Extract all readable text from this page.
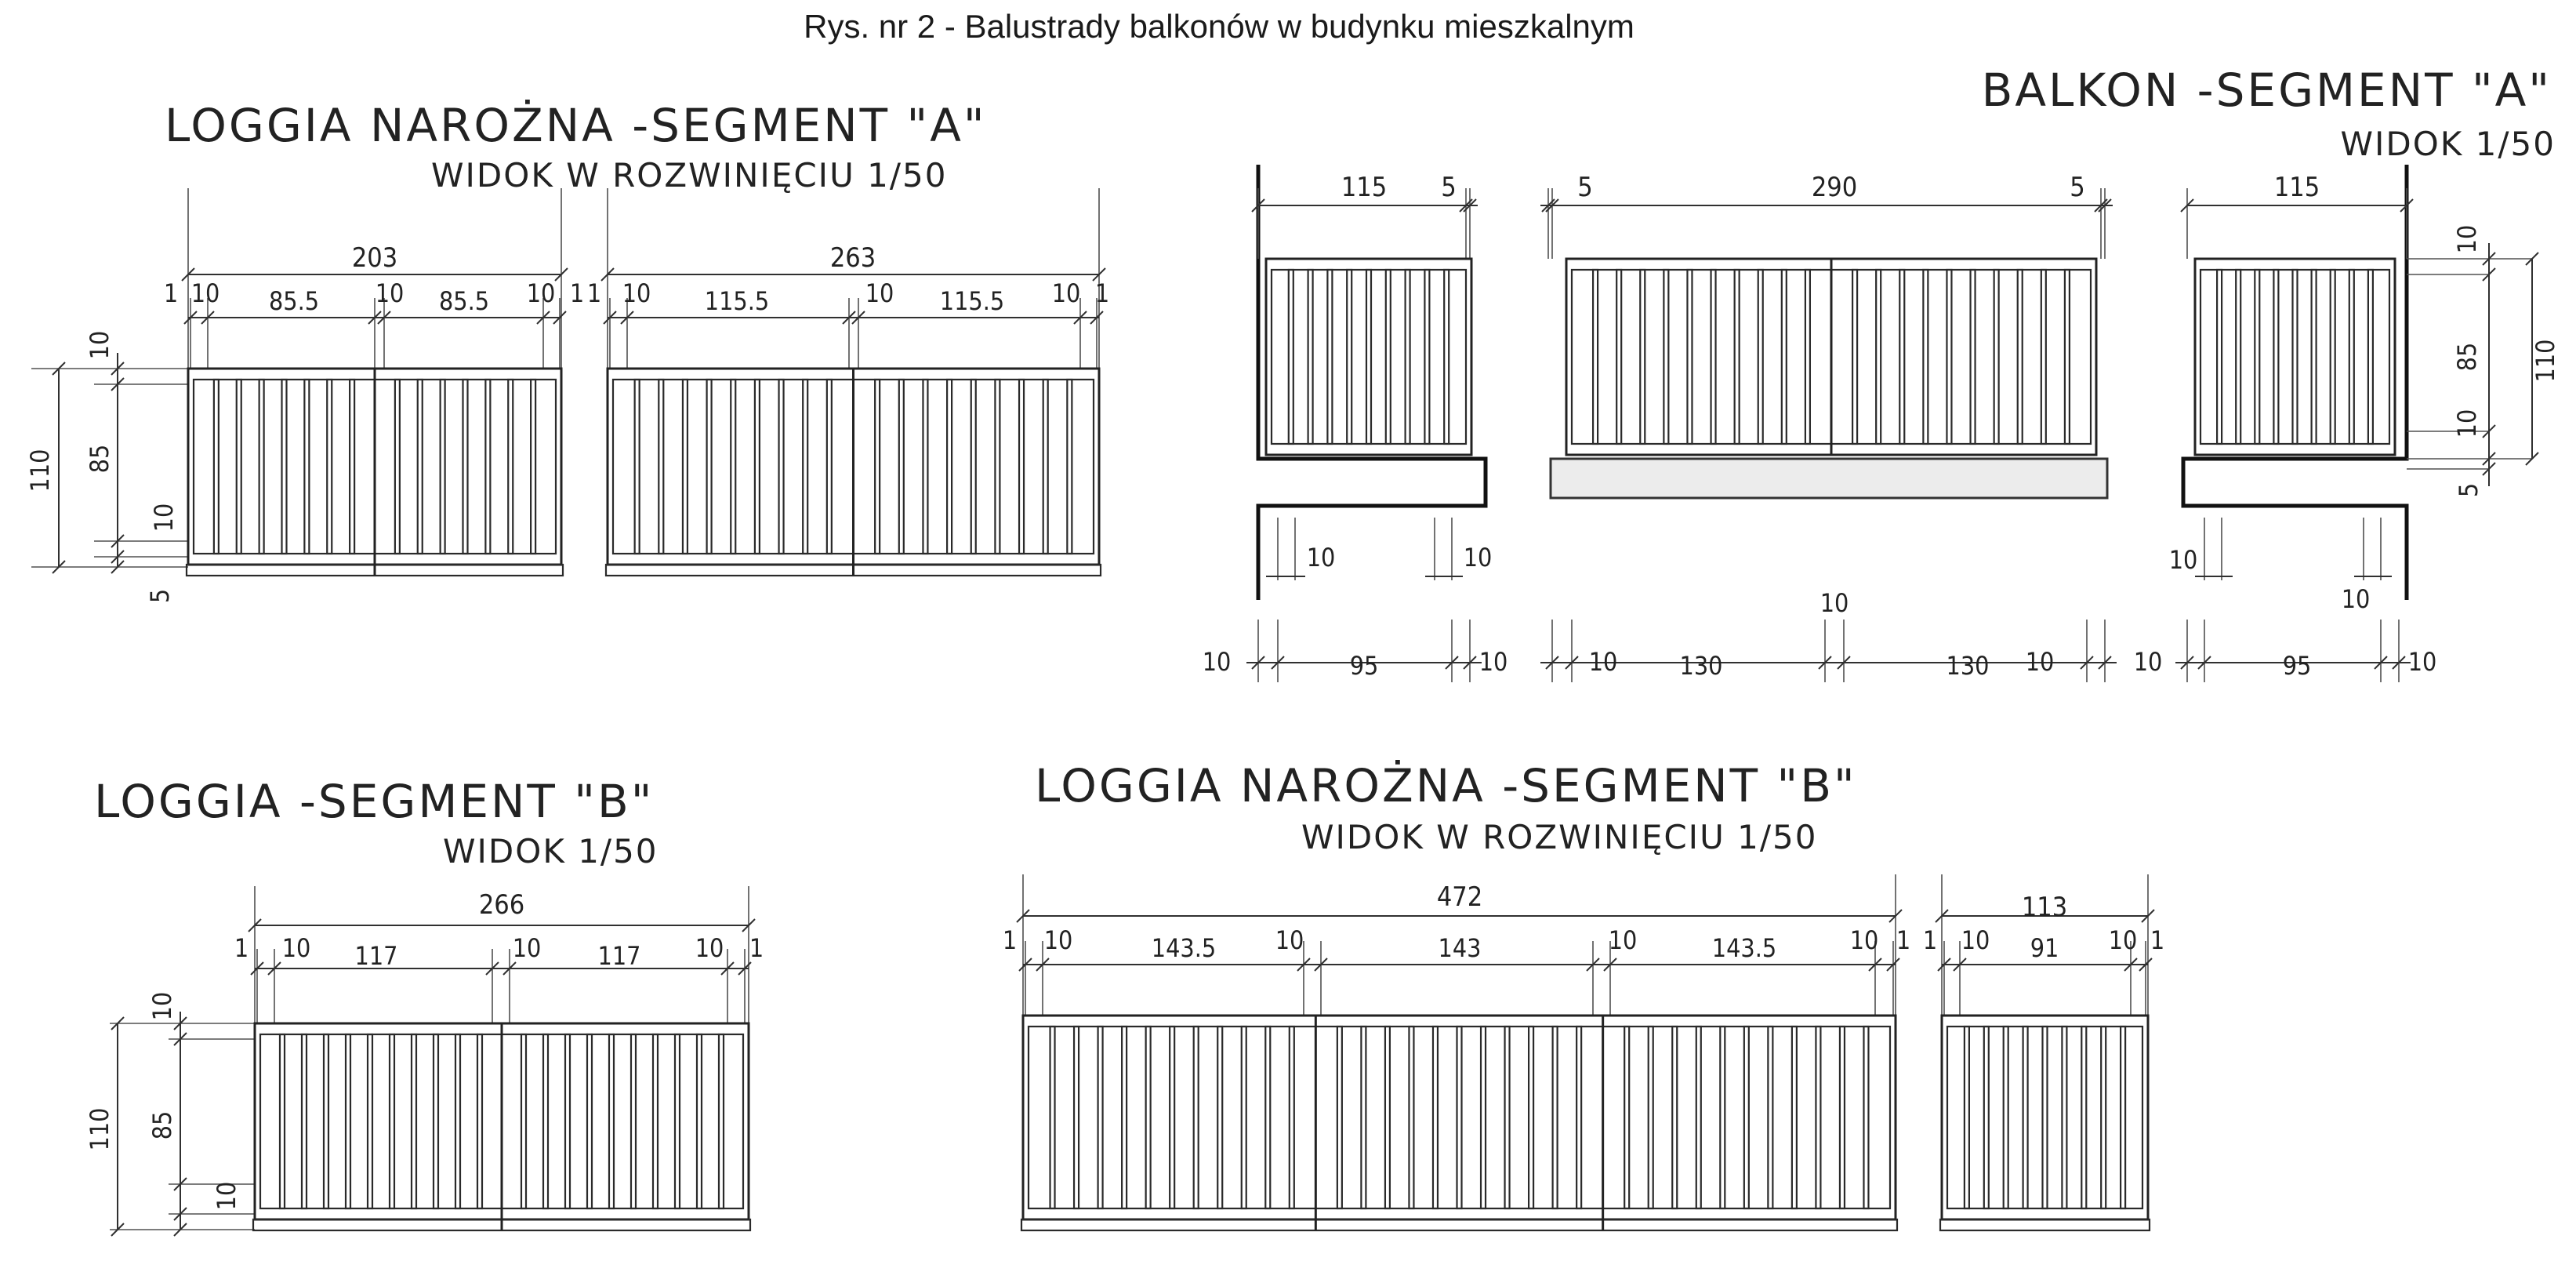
Rys. nr 2 - Balustrady balkonów w budynku mieszkalnym
LOGGIA NAROŻNA -SEGMENT "A"
WIDOK W ROZWINIĘCIU 1/50
203	263
1 10 85.5 10 85.5 10 1 1 10 115.5	10 115.5 10 1
10
85
110
10
5
BALKON -SEGMENT "A"
WIDOK 1/50
115 5	5	290	5	115
10
85 110
10
5
10	10	10
10
10	95	10	10 130
10
130 10	10	95	10
LOGGIA -SEGMENT "B"
WIDOK 1/50
266
1 10 117	10 117 10 1
10
110 85
10
LOGGIA NAROŻNA -SEGMENT "B"
WIDOK W ROZWINIĘCIU 1/50
472	113
1 10	143.5 10	143	10	143.5	10 1 1 10 91 10 1
